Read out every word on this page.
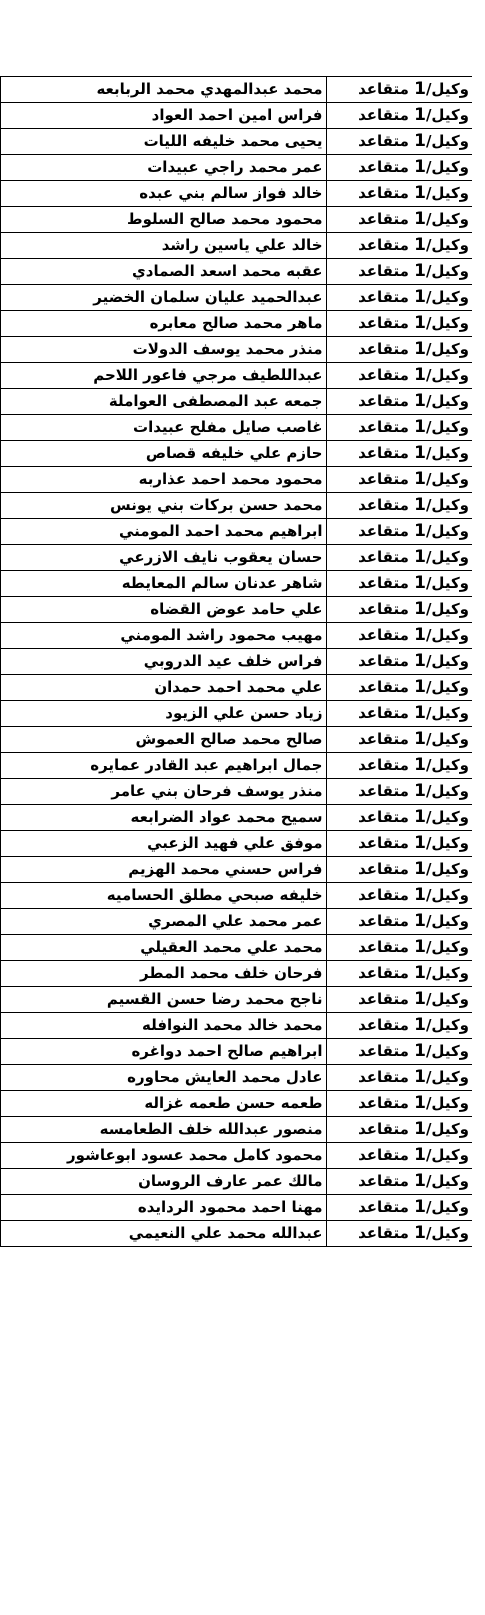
وكيل/1 متقاعد	محمد عبدالمهدي محمد الربابعه
وكيل/1 متقاعد	فراس امين احمد العواد
وكيل/1 متقاعد	يحيى محمد خليفه الليات
وكيل/1 متقاعد	عمر محمد راجي عبيدات
وكيل/1 متقاعد	خالد فواز سالم بني عبده
وكيل/1 متقاعد	محمود محمد صالح السلوط
وكيل/1 متقاعد	خالد علي ياسين راشد
وكيل/1 متقاعد	عقبه محمد اسعد الصمادي
وكيل/1 متقاعد	عبدالحميد عليان سلمان الخضير
وكيل/1 متقاعد	ماهر محمد صالح معابره
وكيل/1 متقاعد	منذر محمد يوسف الدولات
وكيل/1 متقاعد	عبداللطيف مرجي فاعور اللاحم
وكيل/1 متقاعد	جمعه عبد المصطفى العواملة
وكيل/1 متقاعد	غاصب صايل مفلح عبيدات
وكيل/1 متقاعد	حازم علي خليفه قصاص
وكيل/1 متقاعد	محمود محمد احمد عذاربه
وكيل/1 متقاعد	محمد حسن بركات بني يونس
وكيل/1 متقاعد	ابراهيم محمد احمد المومني
وكيل/1 متقاعد	حسان يعقوب نايف الازرعي
وكيل/1 متقاعد	شاهر عدنان سالم المعايطه
وكيل/1 متقاعد	علي حامد عوض القضاه
وكيل/1 متقاعد	مهيب محمود راشد المومني
وكيل/1 متقاعد	فراس خلف عيد الدروبي
وكيل/1 متقاعد	علي محمد احمد حمدان
وكيل/1 متقاعد	زياد حسن علي الزيود
وكيل/1 متقاعد	صالح محمد صالح العموش
وكيل/1 متقاعد	جمال ابراهيم عبد القادر عمايره
وكيل/1 متقاعد	منذر يوسف فرحان بني عامر
وكيل/1 متقاعد	سميح محمد عواد الضرابعه
وكيل/1 متقاعد	موفق علي فهيد الزعبي
وكيل/1 متقاعد	فراس حسني محمد الهزيم
وكيل/1 متقاعد	خليفه صبحي مطلق الحساميه
وكيل/1 متقاعد	عمر محمد علي المصري
وكيل/1 متقاعد	محمد علي محمد العقيلي
وكيل/1 متقاعد	فرحان خلف محمد المطر
وكيل/1 متقاعد	ناجح محمد رضا حسن القسيم
وكيل/1 متقاعد	محمد خالد محمد النوافله
وكيل/1 متقاعد	ابراهيم صالح احمد دواغره
وكيل/1 متقاعد	عادل محمد العايش محاوره
وكيل/1 متقاعد	طعمه حسن طعمه غزاله
وكيل/1 متقاعد	منصور عبدالله خلف الطعامسه
وكيل/1 متقاعد	محمود كامل محمد عسود ابوعاشور
وكيل/1 متقاعد	مالك عمر عارف الروسان
وكيل/1 متقاعد	مهنا احمد محمود الردايده
وكيل/1 متقاعد	عبدالله محمد علي النعيمي
